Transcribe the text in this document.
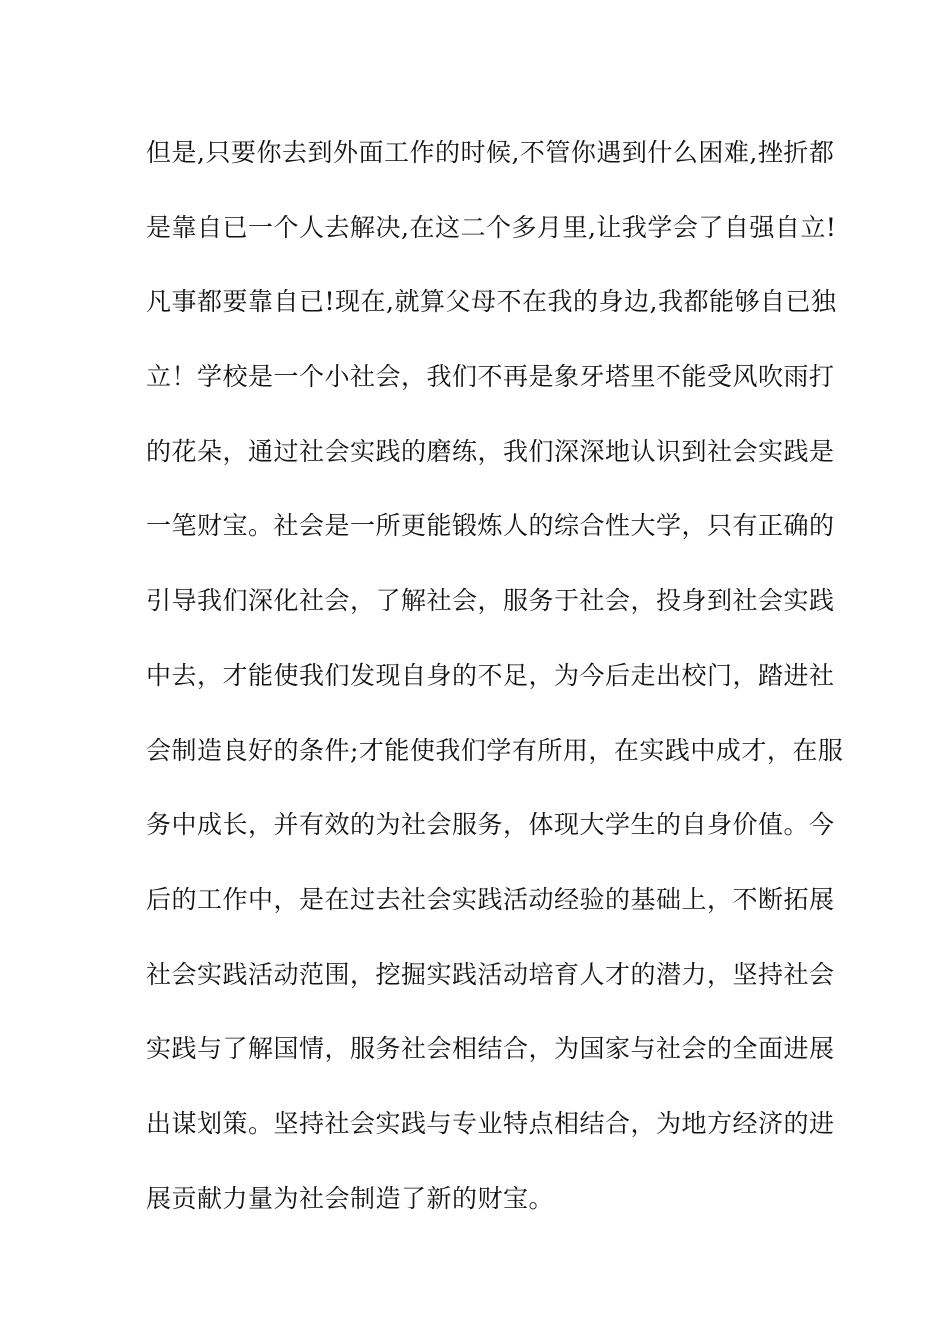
但是,只要你去到外面工作的时候,不管你遇到什么困难,挫折都
是靠自已一个人去解决,在这二个多月里,让我学会了自强自立!
凡事都要靠自已!现在,就算父母不在我的身边,我都能够自已独
立！学校是一个小社会，我们不再是象牙塔里不能受风吹雨打
的花朵，通过社会实践的磨练，我们深深地认识到社会实践是
一笔财宝。社会是一所更能锻炼人的综合性大学，只有正确的
引导我们深化社会，了解社会，服务于社会，投身到社会实践
中去，才能使我们发现自身的不足，为今后走出校门，踏进社
会制造良好的条件;才能使我们学有所用，在实践中成才，在服
务中成长，并有效的为社会服务，体现大学生的自身价值。今
后的工作中，是在过去社会实践活动经验的基础上，不断拓展
社会实践活动范围，挖掘实践活动培育人才的潜力，坚持社会
实践与了解国情，服务社会相结合，为国家与社会的全面进展
出谋划策。坚持社会实践与专业特点相结合，为地方经济的进
展贡献力量为社会制造了新的财宝。
